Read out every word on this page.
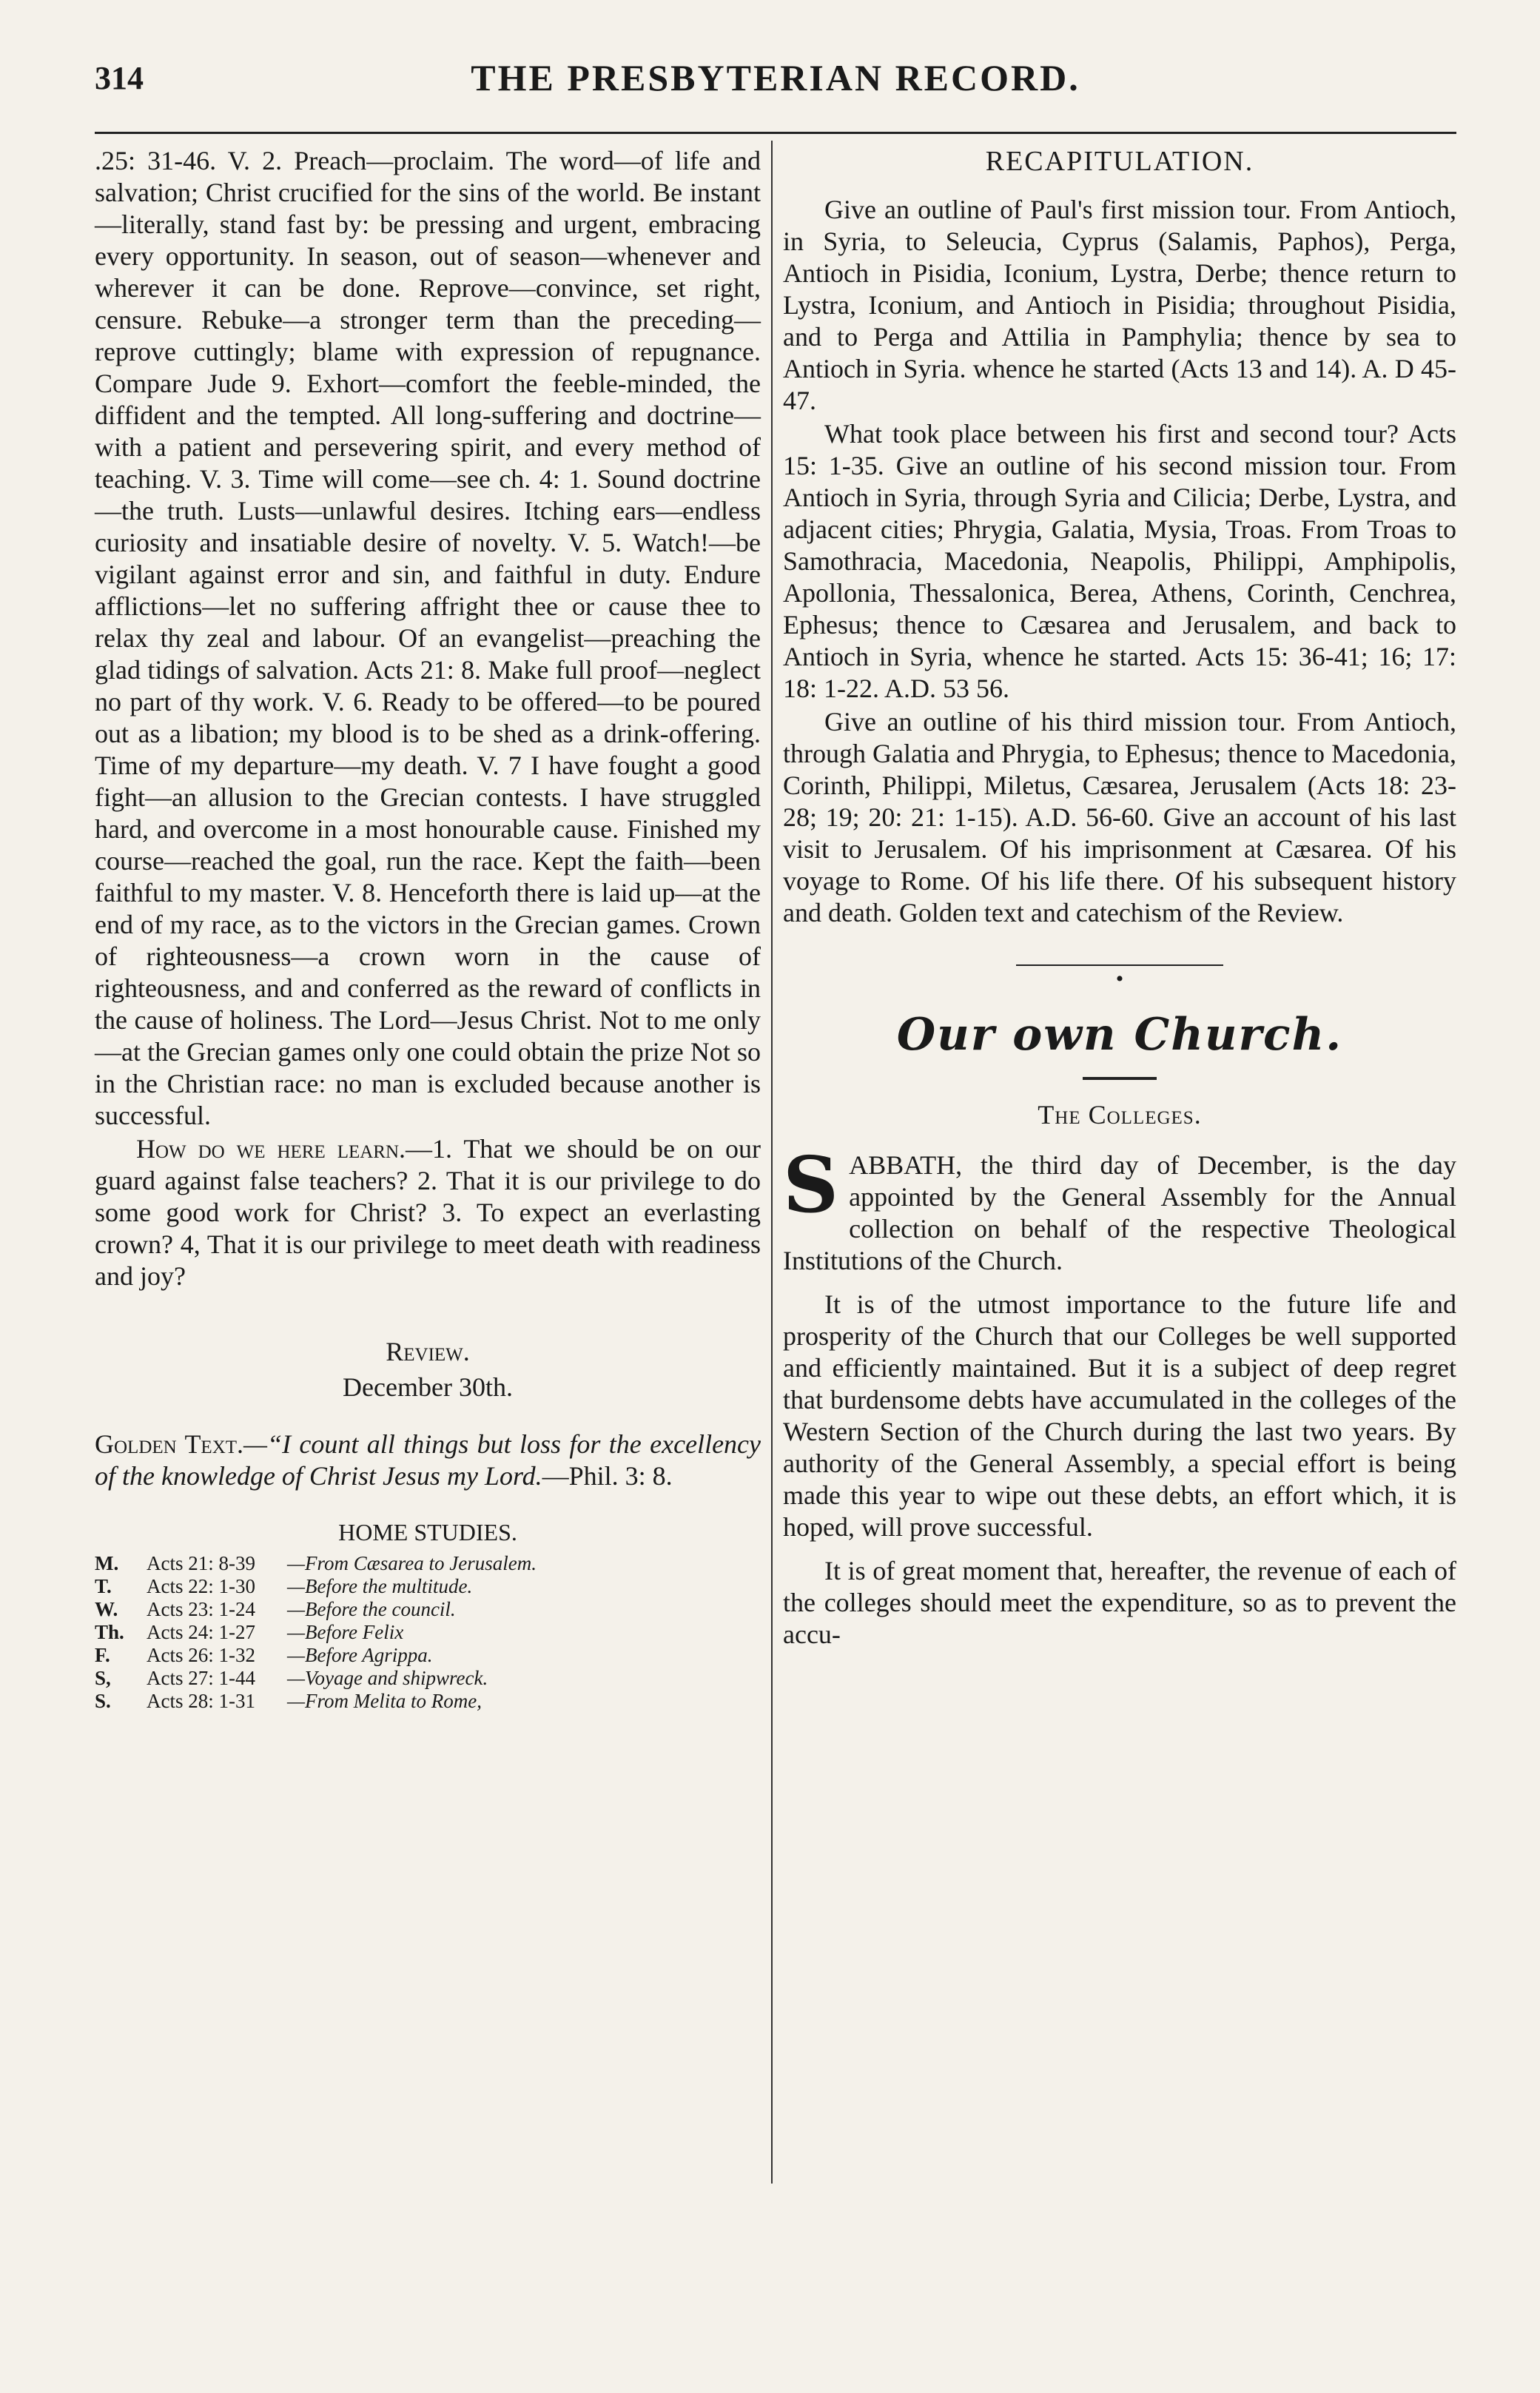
314	THE PRESBYTERIAN RECORD.

.25: 31-46. V. 2. Preach—proclaim. The word—of life and salvation; Christ crucified for the sins of the world. Be instant—literally, stand fast by: be pressing and urgent, embracing every opportunity. In season, out of season—whenever and wherever it can be done. Reprove—convince, set right, censure. Rebuke—a stronger term than the preceding—reprove cuttingly; blame with expression of repugnance. Compare Jude 9. Exhort—comfort the feeble-minded, the diffident and the tempted. All long-suffering and doctrine—with a patient and persevering spirit, and every method of teaching. V. 3. Time will come—see ch. 4: 1. Sound doctrine—the truth. Lusts—unlawful desires. Itching ears—endless curiosity and insatiable desire of novelty. V. 5. Watch!—be vigilant against error and sin, and faithful in duty. Endure afflictions—let no suffering affright thee or cause thee to relax thy zeal and labour. Of an evangelist—preaching the glad tidings of salvation. Acts 21: 8. Make full proof—neglect no part of thy work. V. 6. Ready to be offered—to be poured out as a libation; my blood is to be shed as a drink-offering. Time of my departure—my death. V. 7 I have fought a good fight—an allusion to the Grecian contests. I have struggled hard, and overcome in a most honourable cause. Finished my course—reached the goal, run the race. Kept the faith—been faithful to my master. V. 8. Henceforth there is laid up—at the end of my race, as to the victors in the Grecian games. Crown of righteousness—a crown worn in the cause of righteousness, and and conferred as the reward of conflicts in the cause of holiness. The Lord—Jesus Christ. Not to me only—at the Grecian games only one could obtain the prize Not so in the Christian race: no man is excluded because another is successful.

How do we here learn.—1. That we should be on our guard against false teachers? 2. That it is our privilege to do some good work for Christ? 3. To expect an everlasting crown? 4, That it is our privilege to meet death with readiness and joy?

Review.
December 30th.

Golden Text.—“I count all things but loss for the excellency of the knowledge of Christ Jesus my Lord.—Phil. 3: 8.

HOME STUDIES.
M.	Acts 21: 8-39	—From Cæsarea to Jerusalem.
T.	Acts 22: 1-30	—Before the multitude.
W.	Acts 23: 1-24	—Before the council.
Th.	Acts 24: 1-27	—Before Felix
F.	Acts 26: 1-32	—Before Agrippa.
S,	Acts 27: 1-44	—Voyage and shipwreck.
S.	Acts 28: 1-31	—From Melita to Rome,
RECAPITULATION.

Give an outline of Paul's first mission tour. From Antioch, in Syria, to Seleucia, Cyprus (Salamis, Paphos), Perga, Antioch in Pisidia, Iconium, Lystra, Derbe; thence return to Lystra, Iconium, and Antioch in Pisidia; throughout Pisidia, and to Perga and Attilia in Pamphylia; thence by sea to Antioch in Syria. whence he started (Acts 13 and 14). A. D 45-47.

What took place between his first and second tour? Acts 15: 1-35. Give an outline of his second mission tour. From Antioch in Syria, through Syria and Cilicia; Derbe, Lystra, and adjacent cities; Phrygia, Galatia, Mysia, Troas. From Troas to Samothracia, Macedonia, Neapolis, Philippi, Amphipolis, Apollonia, Thessalonica, Berea, Athens, Corinth, Cenchrea, Ephesus; thence to Cæsarea and Jerusalem, and back to Antioch in Syria, whence he started. Acts 15: 36-41; 16; 17: 18: 1-22. A.D. 53 56.

Give an outline of his third mission tour. From Antioch, through Galatia and Phrygia, to Ephesus; thence to Macedonia, Corinth, Philippi, Miletus, Cæsarea, Jerusalem (Acts 18: 23-28; 19; 20: 21: 1-15). A.D. 56-60. Give an account of his last visit to Jerusalem. Of his imprisonment at Cæsarea. Of his voyage to Rome. Of his life there. Of his subsequent history and death. Golden text and catechism of the Review.

•
Our own Church.
The Colleges.

SABBATH, the third day of December, is the day appointed by the General Assembly for the Annual collection on behalf of the respective Theological Institutions of the Church.

It is of the utmost importance to the future life and prosperity of the Church that our Colleges be well supported and efficiently maintained. But it is a subject of deep regret that burdensome debts have accumulated in the colleges of the Western Section of the Church during the last two years. By authority of the General Assembly, a special effort is being made this year to wipe out these debts, an effort which, it is hoped, will prove successful.

It is of great moment that, hereafter, the revenue of each of the colleges should meet the expenditure, so as to prevent the accu-
